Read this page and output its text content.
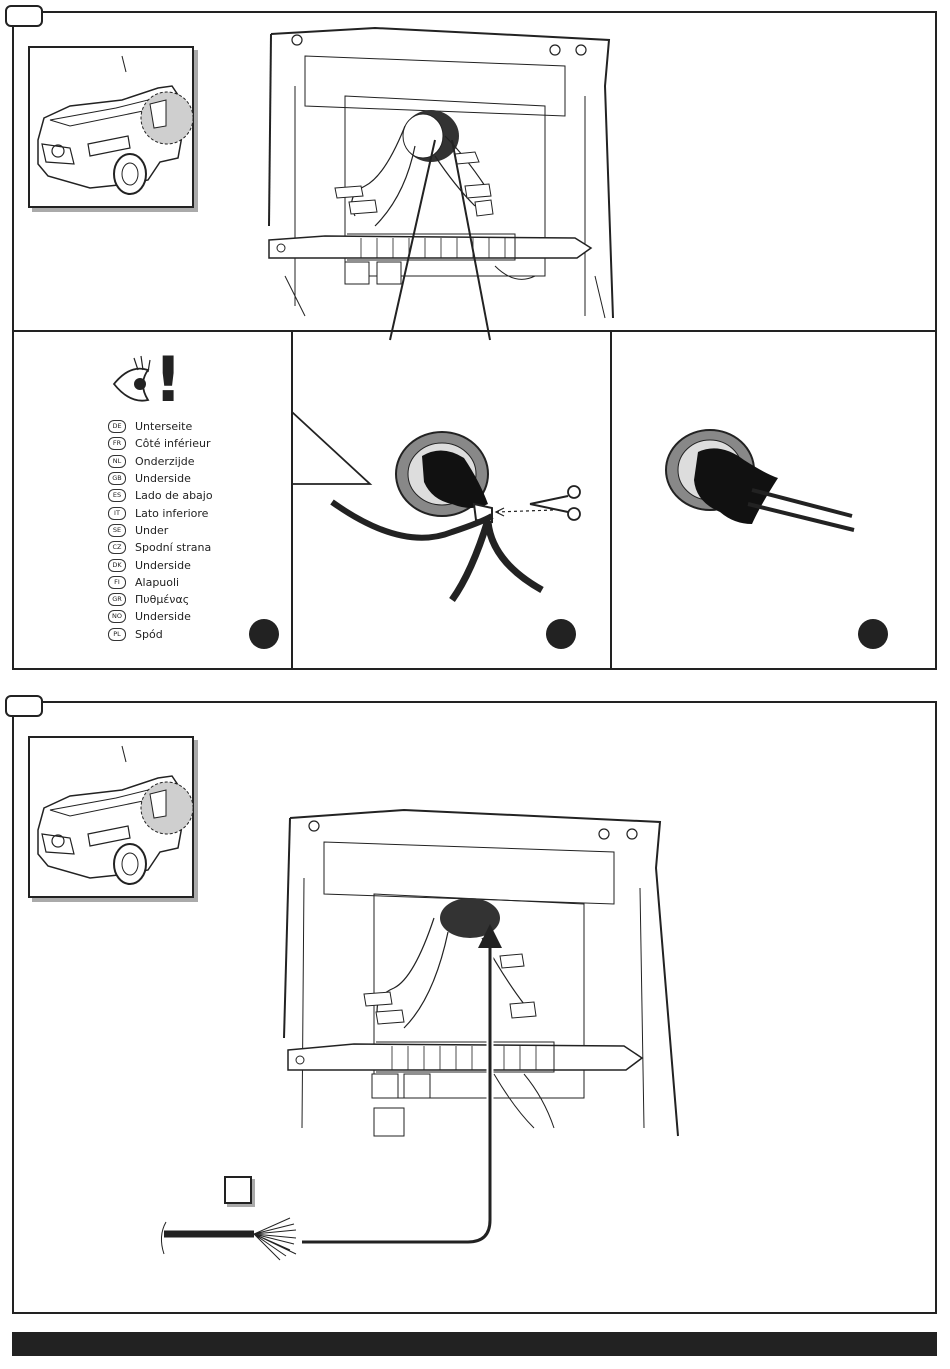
!
DE	Unterseite
FR	Côté inférieur
NL	Onderzijde
GB	Underside
ES	Lado de abajo
IT	Lato inferiore
SE	Under
CZ	Spodní strana
DK	Underside
FI	Alapuoli
GR	Πυθμένας
NO	Underside
PL	Spód
